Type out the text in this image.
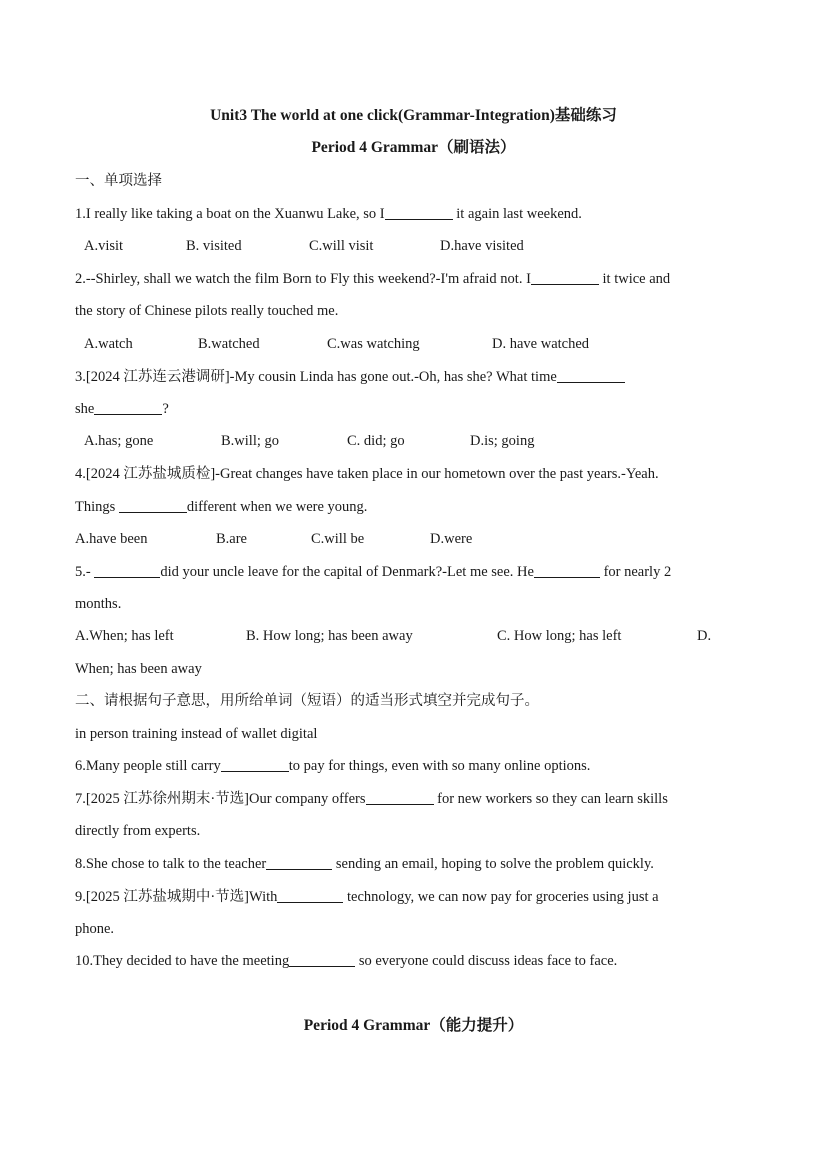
Unit3 The world at one click(Grammar-Integration)基础练习
Period 4 Grammar（刷语法）
一、单项选择
1.I really like taking a boat on the Xuanwu Lake, so I	it again last weekend.
A.visit	B. visited	C.will visit	D.have visited
2.--Shirley, shall we watch the film Born to Fly this weekend?-I'm afraid not. I	it twice and
the story of Chinese pilots really touched me.
A.watch	B.watched	C.was watching	D. have watched
3.[2024 江苏连云港调研]-My cousin Linda has gone out.-Oh, has she? What time
she	?
A.has; gone	B.will; go	C. did; go	D.is; going
4.[2024 江苏盐城质检]-Great changes have taken place in our hometown over the past years.-Yeah.
Things	different when we were young.
A.have been	B.are	C.will be	D.were
5.-	did your uncle leave for the capital of Denmark?-Let me see. He	for nearly 2
months.
A.When; has left	B. How long; has been away	C. How long; has left	D.
When; has been away
二、请根据句子意思，用所给单词（短语）的适当形式填空并完成句子。
in person training instead of wallet digital
6.Many people still carry	to pay for things, even with so many online options.
7.[2025 江苏徐州期末·节选]Our company offers	for new workers so they can learn skills
directly from experts.
8.She chose to talk to the teacher	sending an email, hoping to solve the problem quickly.
9.[2025 江苏盐城期中·节选]With	technology, we can now pay for groceries using just a
phone.
10.They decided to have the meeting	so everyone could discuss ideas face to face.
Period 4 Grammar（能力提升）
